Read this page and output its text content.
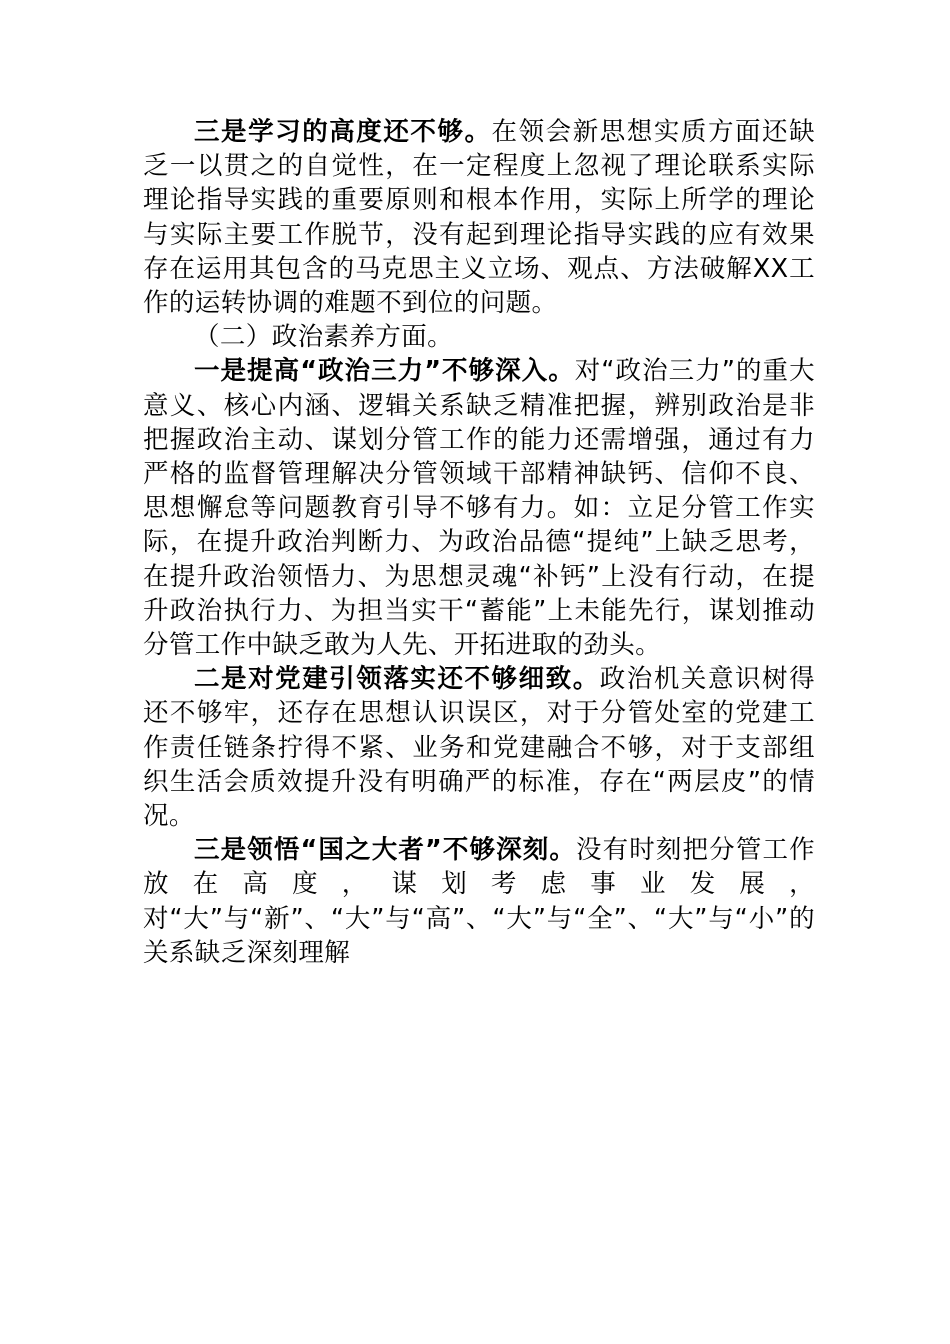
三是学习的高度还不够。在领会新思想实质方面还缺乏一以贯之的自觉性，在一定程度上忽视了理论联系实际理论指导实践的重要原则和根本作用，实际上所学的理论与实际主要工作脱节，没有起到理论指导实践的应有效果存在运用其包含的马克思主义立场、观点、方法破解XX工作的运转协调的难题不到位的问题。

（二）政治素养方面。

一是提高“政治三力”不够深入。对“政治三力”的重大意义、核心内涵、逻辑关系缺乏精准把握，辨别政治是非把握政治主动、谋划分管工作的能力还需增强，通过有力严格的监督管理解决分管领域干部精神缺钙、信仰不良、思想懈怠等问题教育引导不够有力。如：立足分管工作实际，在提升政治判断力、为政治品德“提纯”上缺乏思考，在提升政治领悟力、为思想灵魂“补钙”上没有行动，在提升政治执行力、为担当实干“蓄能”上未能先行，谋划推动分管工作中缺乏敢为人先、开拓进取的劲头。

二是对党建引领落实还不够细致。政治机关意识树得还不够牢，还存在思想认识误区，对于分管处室的党建工作责任链条拧得不紧、业务和党建融合不够，对于支部组织生活会质效提升没有明确严的标准，存在“两层皮”的情况。

三是领悟“国之大者”不够深刻。没有时刻把分管工作放在高度，谋划考虑事业发展，对“大”与“新”、“大”与“高”、“大”与“全”、“大”与“小”的关系缺乏深刻理解
